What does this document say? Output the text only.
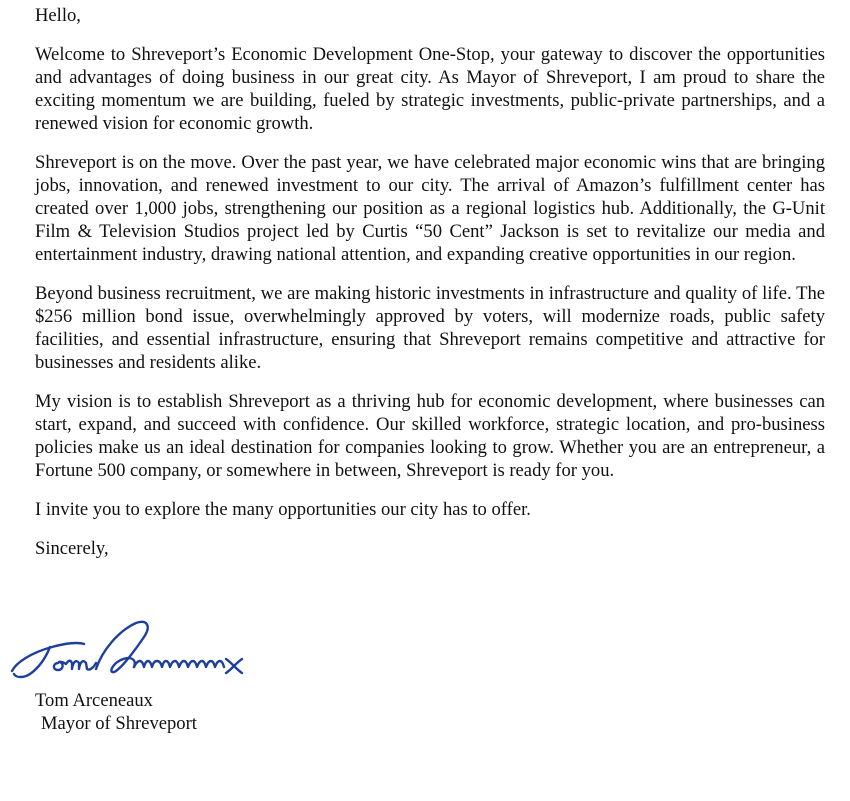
Hello,

Welcome to Shreveport’s Economic Development One-Stop, your gateway to discover the opportunities and advantages of doing business in our great city. As Mayor of Shreveport, I am proud to share the exciting momentum we are building, fueled by strategic investments, public-private partnerships, and a renewed vision for economic growth.

Shreveport is on the move. Over the past year, we have celebrated major economic wins that are bringing jobs, innovation, and renewed investment to our city. The arrival of Amazon’s fulfillment center has created over 1,000 jobs, strengthening our position as a regional logistics hub. Additionally, the G-Unit Film & Television Studios project led by Curtis “50 Cent” Jackson is set to revitalize our media and entertainment industry, drawing national attention, and expanding creative opportunities in our region.

Beyond business recruitment, we are making historic investments in infrastructure and quality of life. The $256 million bond issue, overwhelmingly approved by voters, will modernize roads, public safety facilities, and essential infrastructure, ensuring that Shreveport remains competitive and attractive for businesses and residents alike.

My vision is to establish Shreveport as a thriving hub for economic development, where businesses can start, expand, and succeed with confidence. Our skilled workforce, strategic location, and pro-business policies make us an ideal destination for companies looking to grow. Whether you are an entrepreneur, a Fortune 500 company, or somewhere in between, Shreveport is ready for you.

I invite you to explore the many opportunities our city has to offer.

Sincerely,

Tom Arceneaux
Mayor of Shreveport
